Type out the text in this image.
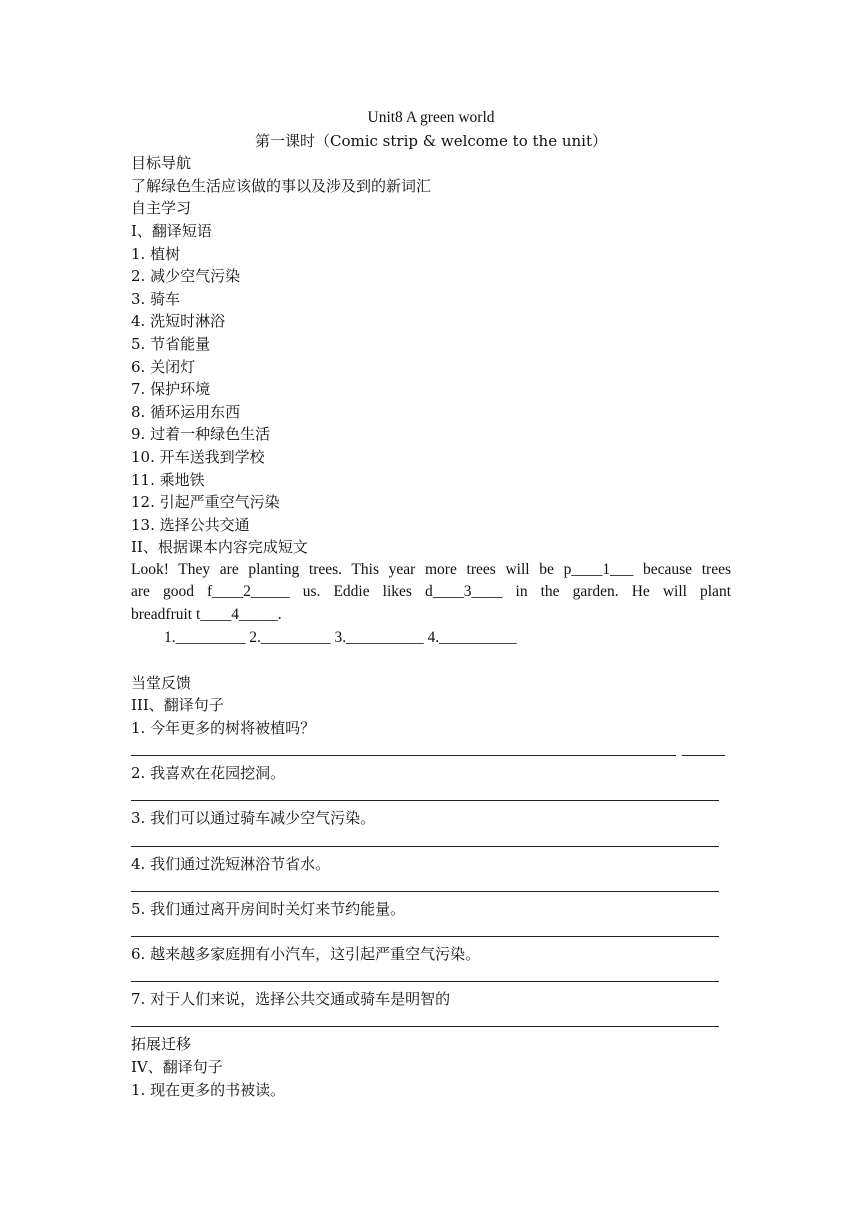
Unit8 A green world
第一课时（Comic strip & welcome to the unit）
目标导航
了解绿色生活应该做的事以及涉及到的新词汇
自主学习
I、翻译短语
1. 植树
2. 减少空气污染
3. 骑车
4. 洗短时淋浴
5. 节省能量
6. 关闭灯
7. 保护环境
8. 循环运用东西
9. 过着一种绿色生活
10. 开车送我到学校
11. 乘地铁
12. 引起严重空气污染
13. 选择公共交通
II、根据课本内容完成短文
Look! They are planting trees. This year more trees will be p____1___ because trees
are good f____2_____ us. Eddie likes d____3____ in the garden. He will plant
breadfruit t____4_____.
1._________ 2._________ 3.__________ 4.__________
当堂反馈
III、翻译句子
1. 今年更多的树将被植吗？
2. 我喜欢在花园挖洞。
3. 我们可以通过骑车减少空气污染。
4. 我们通过洗短淋浴节省水。
5. 我们通过离开房间时关灯来节约能量。
6. 越来越多家庭拥有小汽车，这引起严重空气污染。
7. 对于人们来说，选择公共交通或骑车是明智的
拓展迁移
IV、翻译句子
1. 现在更多的书被读。
